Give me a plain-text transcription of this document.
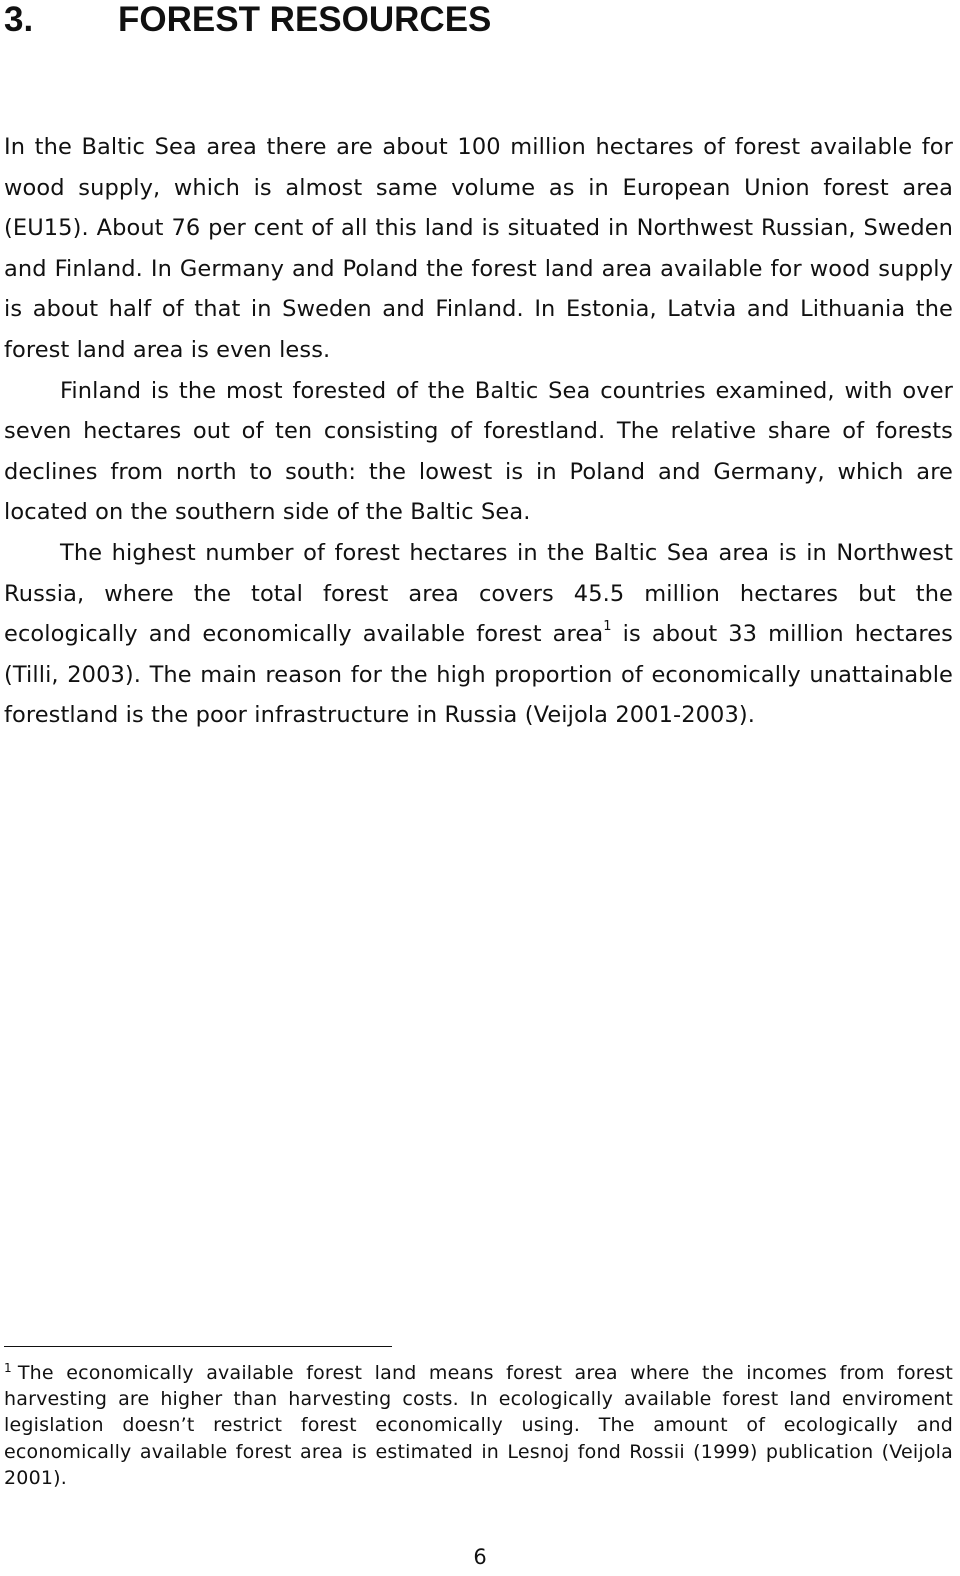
3. FOREST RESOURCES

In the Baltic Sea area there are about 100 million hectares of forest available for wood supply, which is almost same volume as in European Union forest area (EU15). About 76 per cent of all this land is situated in Northwest Russian, Sweden and Finland. In Germany and Poland the forest land area available for wood supply is about half of that in Sweden and Finland. In Estonia, Latvia and Lithuania the forest land area is even less.

Finland is the most forested of the Baltic Sea countries examined, with over seven hectares out of ten consisting of forestland. The relative share of forests declines from north to south: the lowest is in Poland and Germany, which are located on the southern side of the Baltic Sea.

The highest number of forest hectares in the Baltic Sea area is in Northwest Russia, where the total forest area covers 45.5 million hectares but the ecologically and economically available forest area$^1$ is about 33 million hectares (Tilli, 2003). The main reason for the high proportion of economically unattainable forestland is the poor infrastructure in Russia (Veijola 2001-2003).

$^1$ The economically available forest land means forest area where the incomes from forest harvesting are higher than harvesting costs. In ecologically available forest land enviroment legislation doesn’t restrict forest economically using. The amount of ecologically and economically available forest area is estimated in Lesnoj fond Rossii (1999) publication (Veijola 2001).
6
